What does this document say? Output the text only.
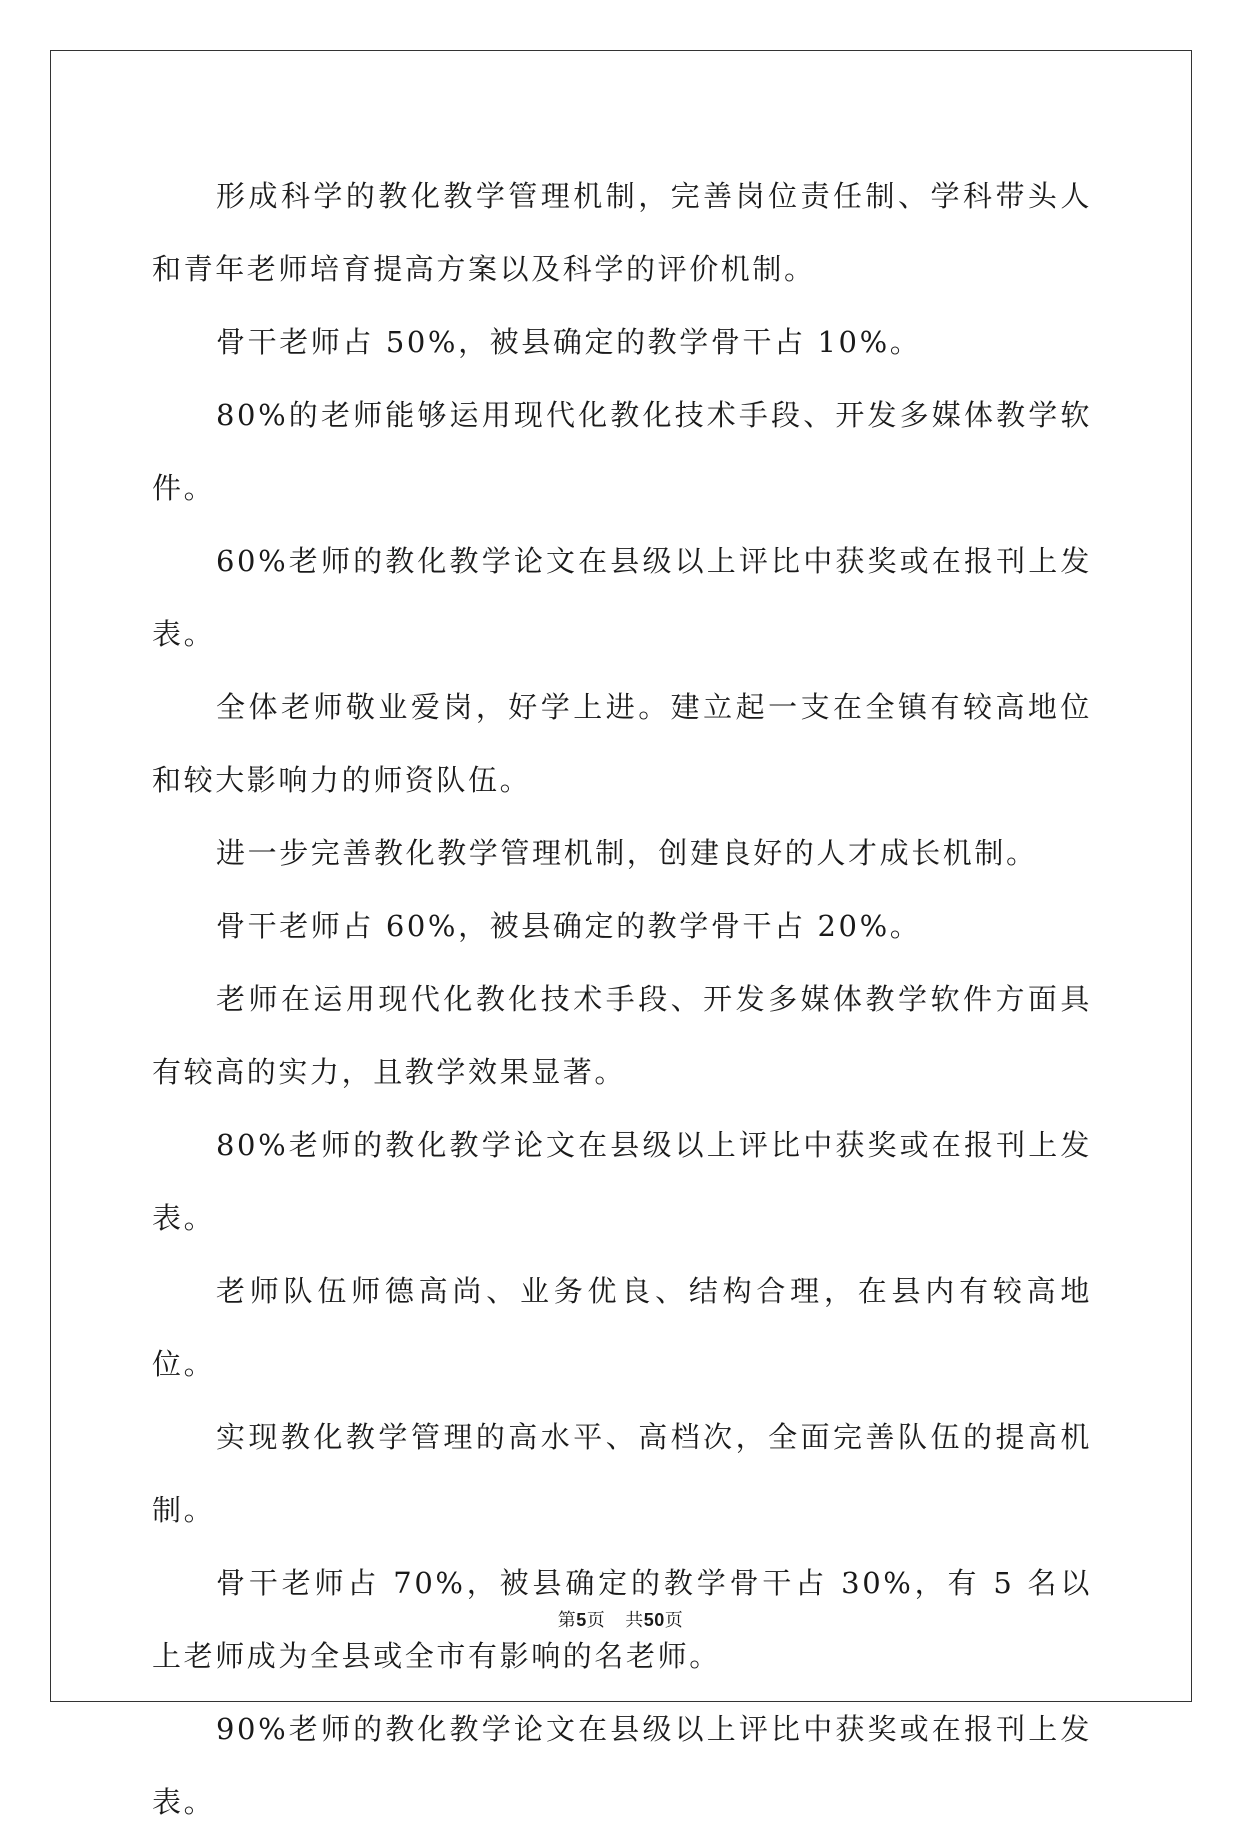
形成科学的教化教学管理机制，完善岗位责任制、学科带头人和青年老师培育提高方案以及科学的评价机制。

骨干老师占 50%，被县确定的教学骨干占 10%。

80%的老师能够运用现代化教化技术手段、开发多媒体教学软件。

60%老师的教化教学论文在县级以上评比中获奖或在报刊上发表。

全体老师敬业爱岗，好学上进。建立起一支在全镇有较高地位和较大影响力的师资队伍。

进一步完善教化教学管理机制，创建良好的人才成长机制。

骨干老师占 60%，被县确定的教学骨干占 20%。

老师在运用现代化教化技术手段、开发多媒体教学软件方面具有较高的实力，且教学效果显著。

80%老师的教化教学论文在县级以上评比中获奖或在报刊上发表。

老师队伍师德高尚、业务优良、结构合理，在县内有较高地位。

实现教化教学管理的高水平、高档次，全面完善队伍的提高机制。

骨干老师占 70%，被县确定的教学骨干占 30%，有 5 名以上老师成为全县或全市有影响的名老师。

90%老师的教化教学论文在县级以上评比中获奖或在报刊上发表。

第5页 共50页
